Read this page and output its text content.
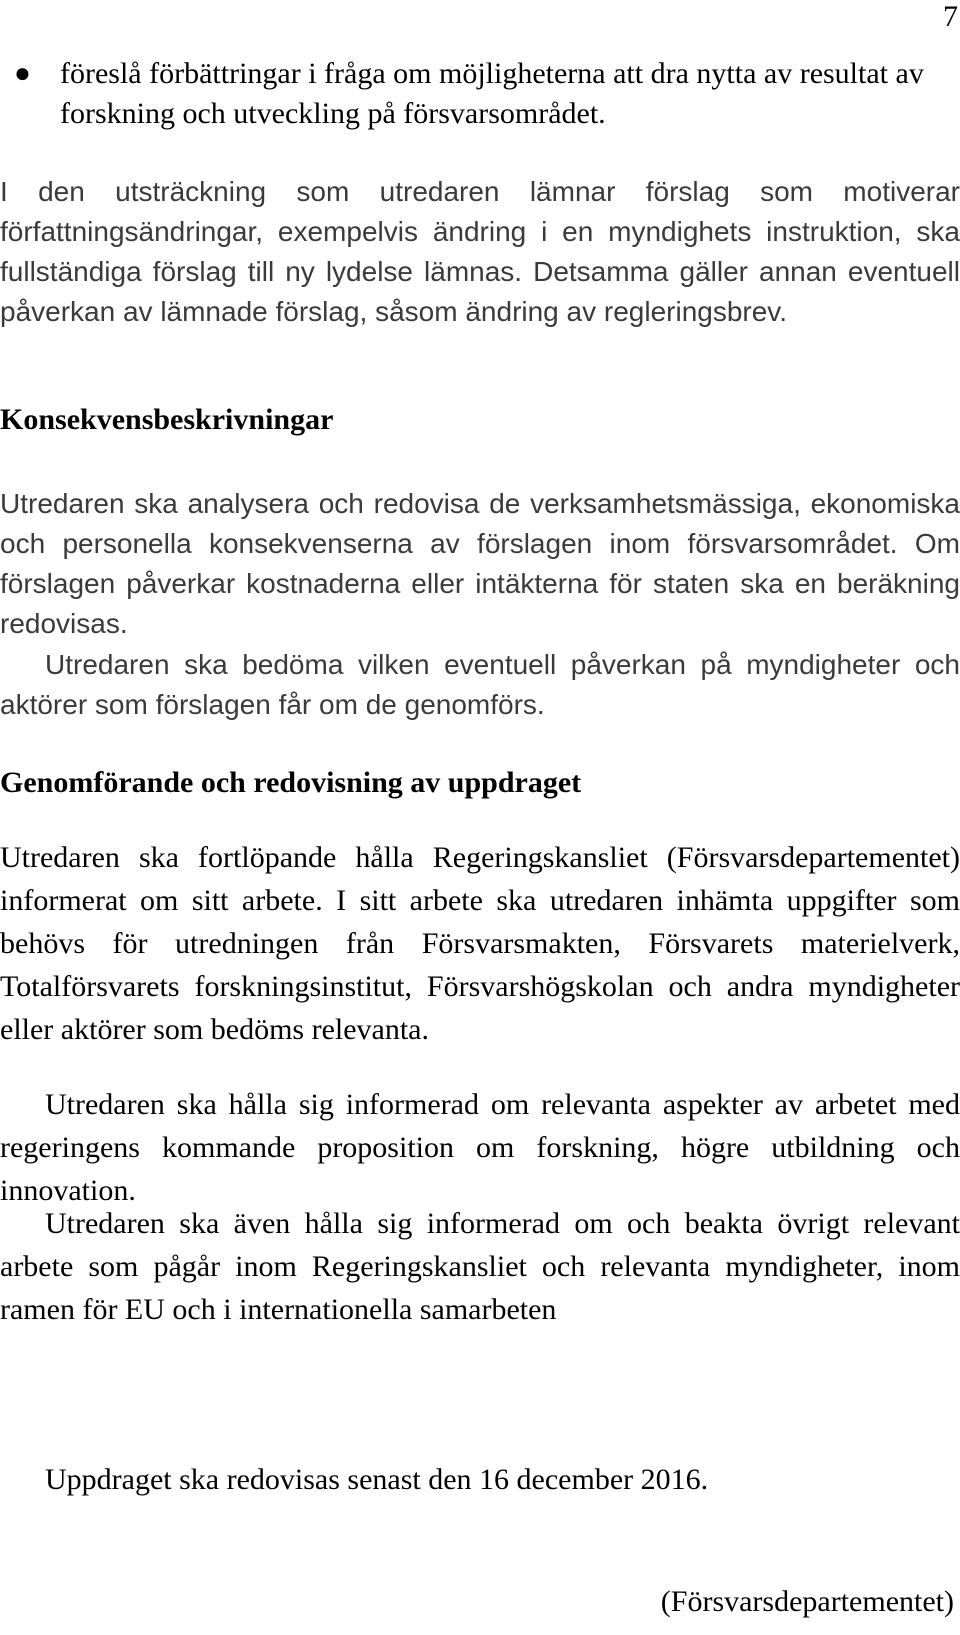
7
● föreslå förbättringar i fråga om möjligheterna att dra nytta av resultat av forskning och utveckling på försvarsområdet.

I den utsträckning som utredaren lämnar förslag som motiverar författningsändringar, exempelvis ändring i en myndighets instruktion, ska fullständiga förslag till ny lydelse lämnas. Detsamma gäller annan eventuell påverkan av lämnade förslag, såsom ändring av regleringsbrev.

Konsekvensbeskrivningar

Utredaren ska analysera och redovisa de verksamhetsmässiga, ekonomiska och personella konsekvenserna av förslagen inom försvarsområdet. Om förslagen påverkar kostnaderna eller intäkterna för staten ska en beräkning redovisas.

Utredaren ska bedöma vilken eventuell påverkan på myndigheter och aktörer som förslagen får om de genomförs.

Genomförande och redovisning av uppdraget

Utredaren ska fortlöpande hålla Regeringskansliet (Försvarsdepartementet) informerat om sitt arbete. I sitt arbete ska utredaren inhämta uppgifter som behövs för utredningen från Försvarsmakten, Försvarets materielverk, Totalförsvarets forskningsinstitut, Försvarshögskolan och andra myndigheter eller aktörer som bedöms relevanta.

Utredaren ska hålla sig informerad om relevanta aspekter av arbetet med regeringens kommande proposition om forskning, högre utbildning och innovation.

Utredaren ska även hålla sig informerad om och beakta övrigt relevant arbete som pågår inom Regeringskansliet och relevanta myndigheter, inom ramen för EU och i internationella samarbeten

Uppdraget ska redovisas senast den 16 december 2016.
(Försvarsdepartementet)
